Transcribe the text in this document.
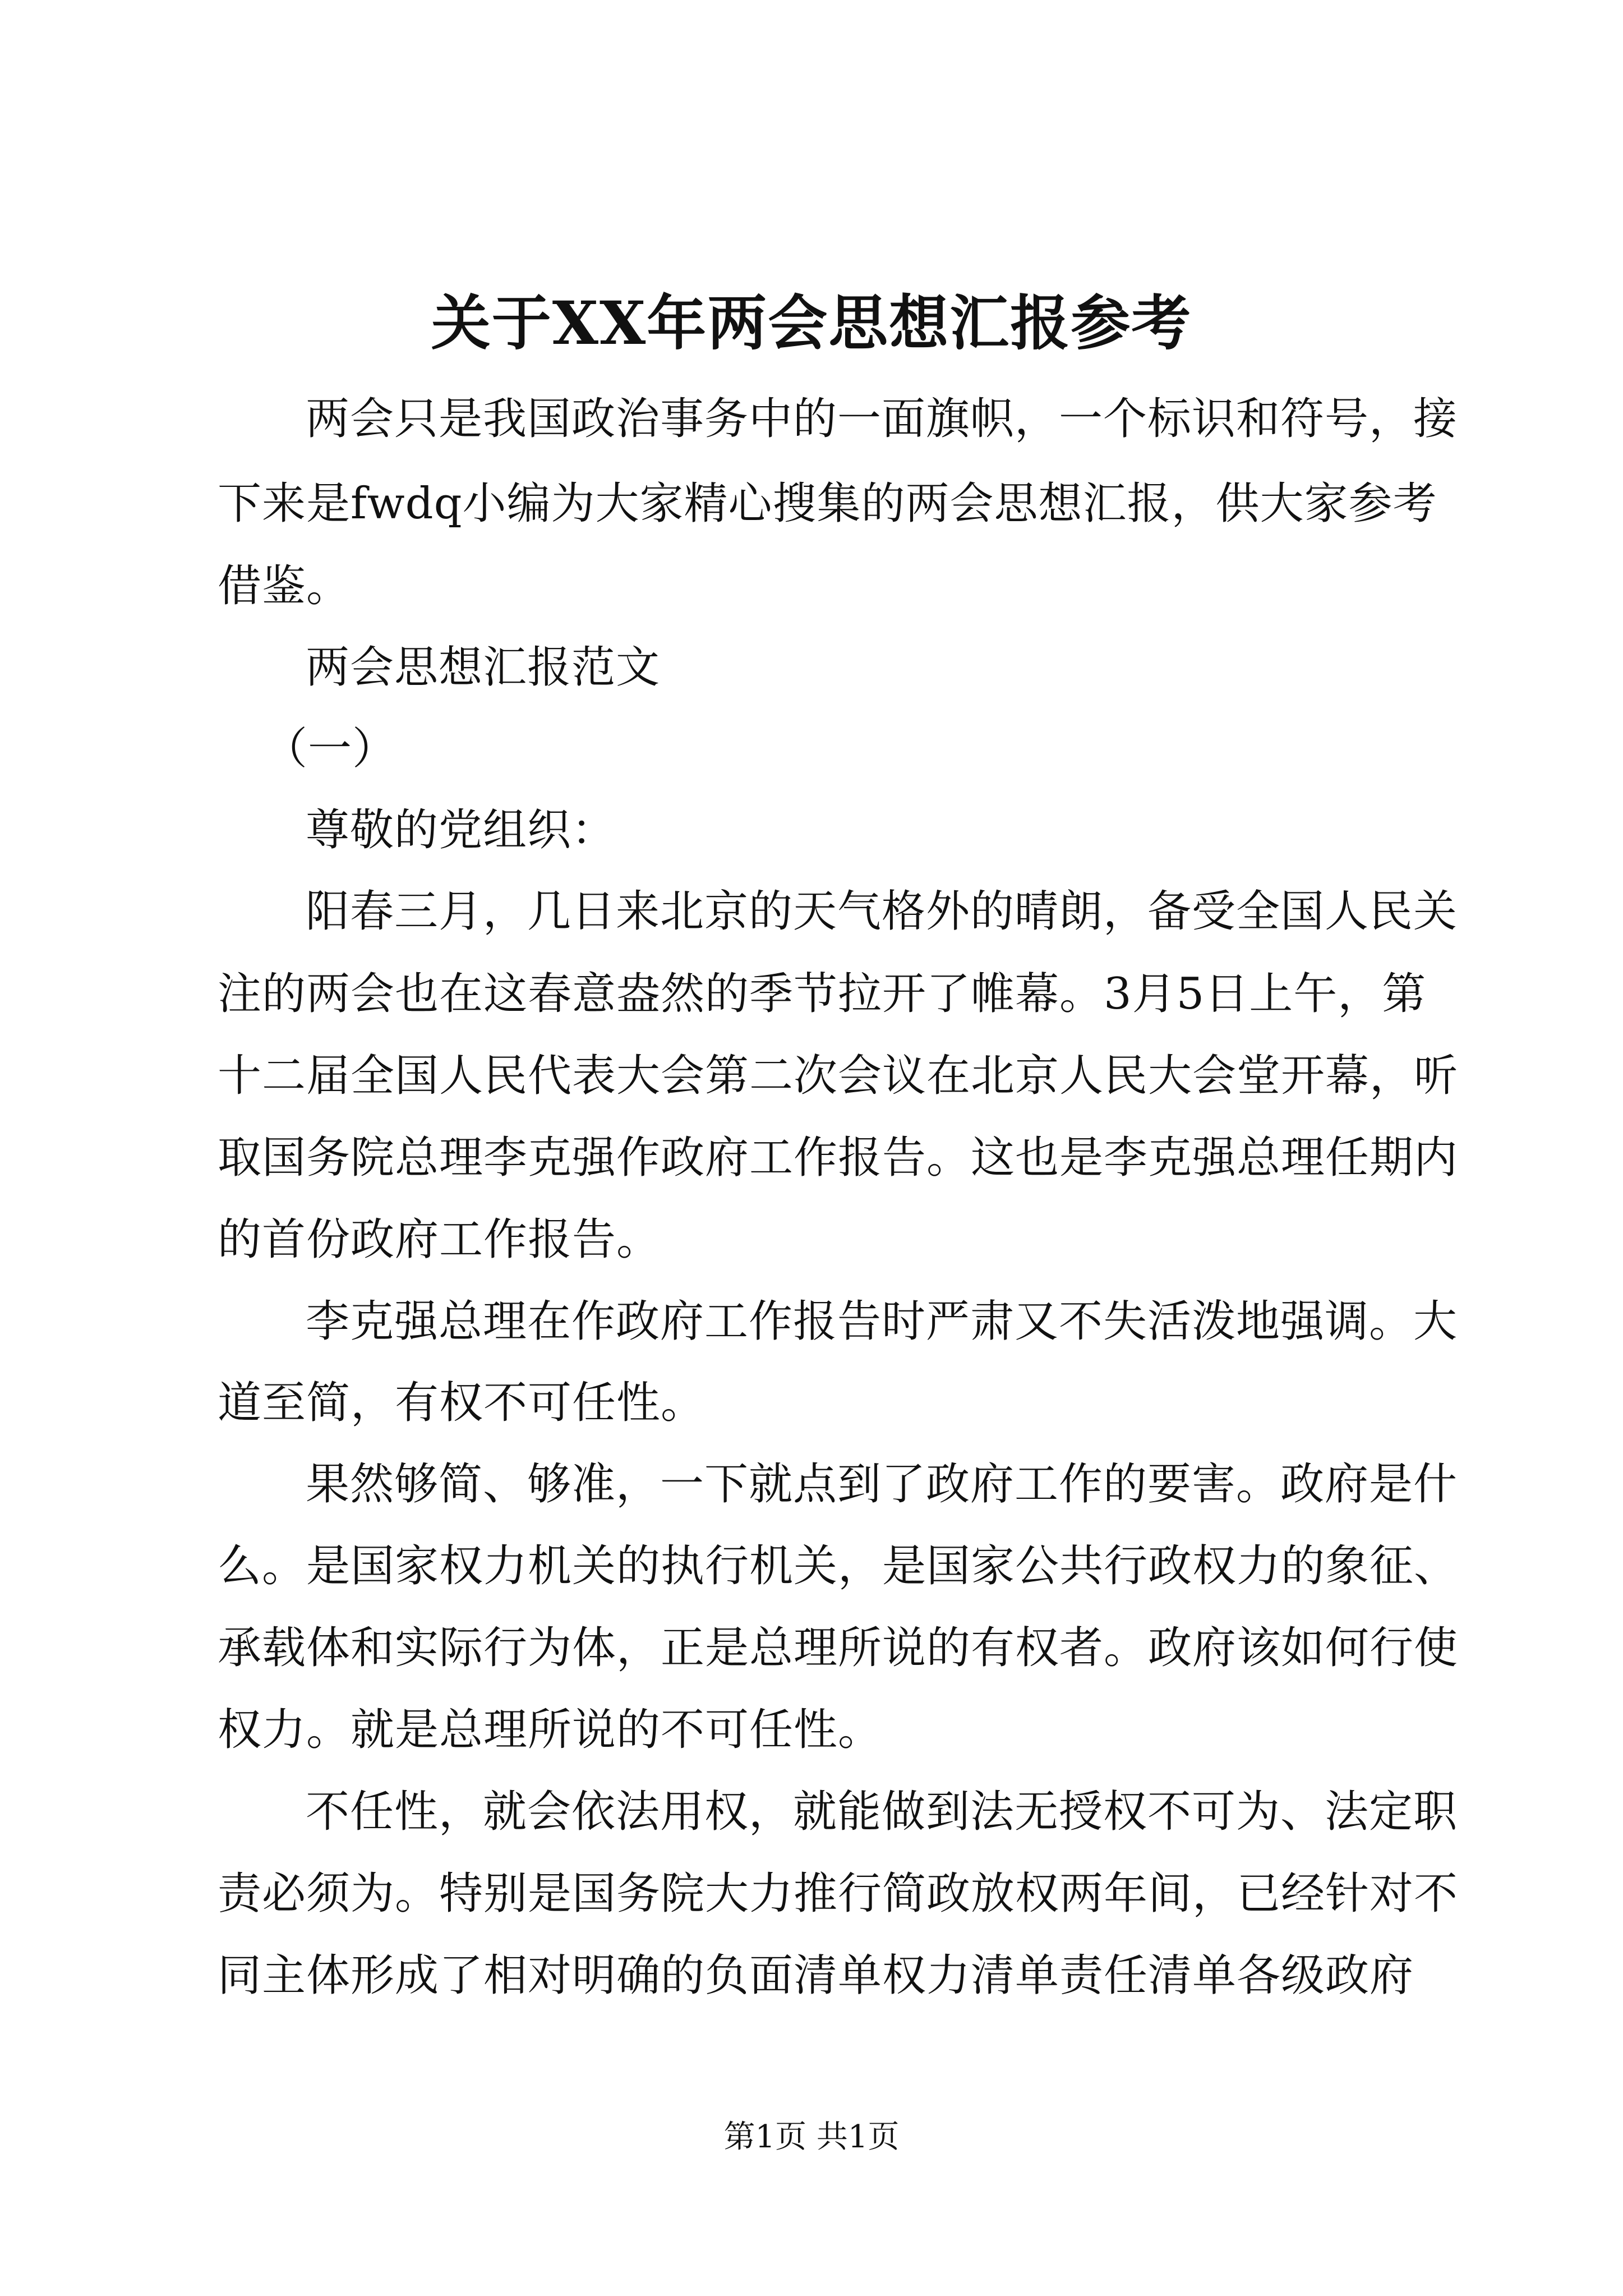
关于XX年两会思想汇报参考

两会只是我国政治事务中的一面旗帜，一个标识和符号，接

下来是fwdq小编为大家精心搜集的两会思想汇报，供大家参考

借鉴。

两会思想汇报范文

（一）

尊敬的党组织：

阳春三月，几日来北京的天气格外的晴朗，备受全国人民关

注的两会也在这春意盎然的季节拉开了帷幕。3月5日上午，第

十二届全国人民代表大会第二次会议在北京人民大会堂开幕，听

取国务院总理李克强作政府工作报告。这也是李克强总理任期内

的首份政府工作报告。

李克强总理在作政府工作报告时严肃又不失活泼地强调。大

道至简，有权不可任性。

果然够简、够准，一下就点到了政府工作的要害。政府是什

么。是国家权力机关的执行机关，是国家公共行政权力的象征、

承载体和实际行为体，正是总理所说的有权者。政府该如何行使

权力。就是总理所说的不可任性。

不任性，就会依法用权，就能做到法无授权不可为、法定职

责必须为。特别是国务院大力推行简政放权两年间，已经针对不

同主体形成了相对明确的负面清单权力清单责任清单各级政府

第1页 共1页
